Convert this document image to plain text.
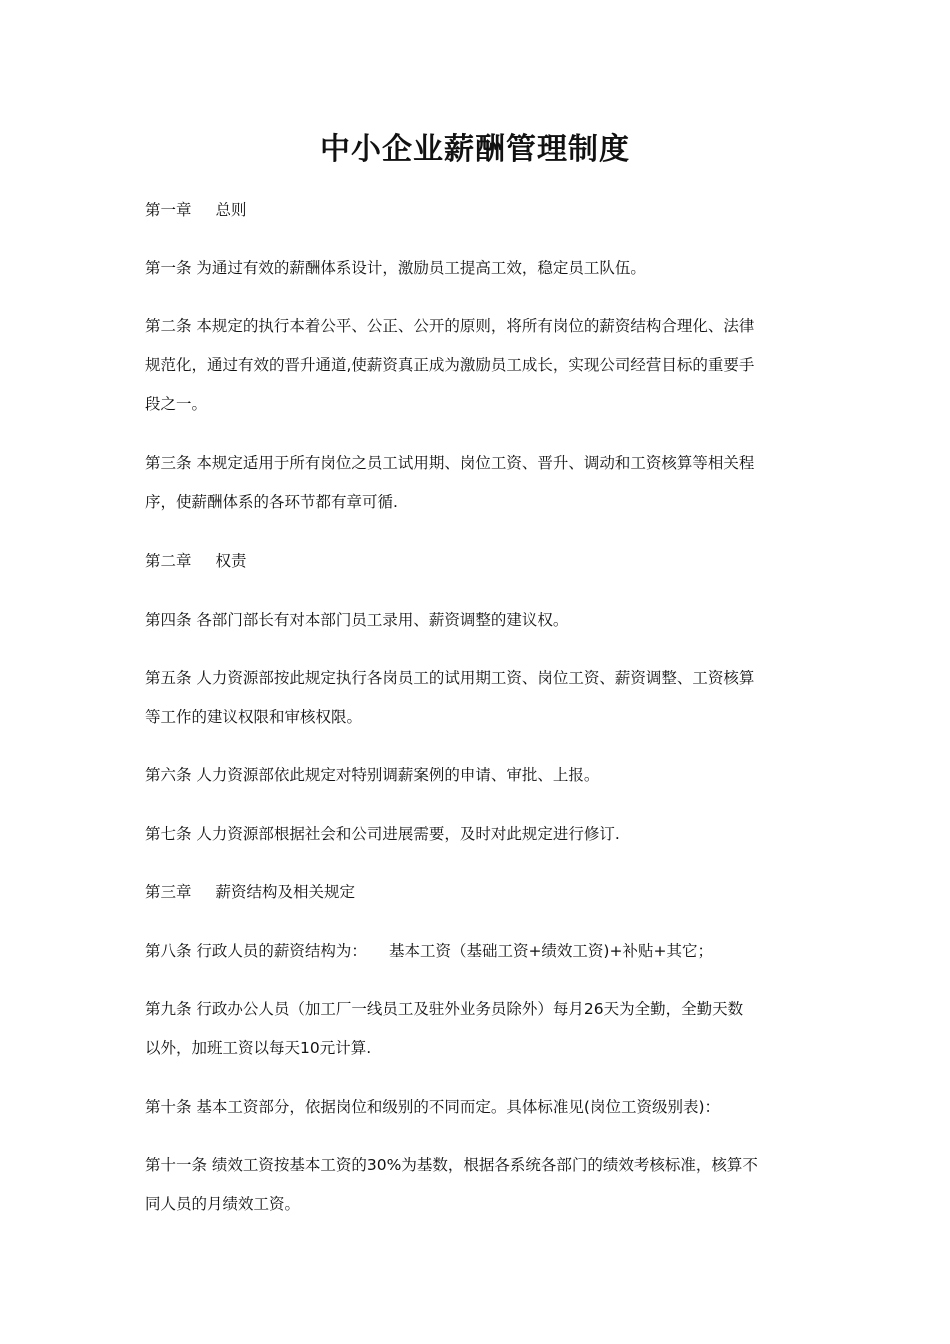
中小企业薪酬管理制度

第一章 总则

第一条 为通过有效的薪酬体系设计，激励员工提高工效，稳定员工队伍。

第二条 本规定的执行本着公平、公正、公开的原则，将所有岗位的薪资结构合理化、法律

规范化，通过有效的晋升通道,使薪资真正成为激励员工成长，实现公司经营目标的重要手

段之一。

第三条 本规定适用于所有岗位之员工试用期、岗位工资、晋升、调动和工资核算等相关程

序，使薪酬体系的各环节都有章可循.

第二章 权责

第四条 各部门部长有对本部门员工录用、薪资调整的建议权。

第五条 人力资源部按此规定执行各岗员工的试用期工资、岗位工资、薪资调整、工资核算

等工作的建议权限和审核权限。

第六条 人力资源部依此规定对特别调薪案例的申请、审批、上报。

第七条 人力资源部根据社会和公司进展需要，及时对此规定进行修订.

第三章 薪资结构及相关规定

第八条 行政人员的薪资结构为： 基本工资（基础工资+绩效工资)+补贴+其它；

第九条 行政办公人员（加工厂一线员工及驻外业务员除外）每月26天为全勤，全勤天数

以外，加班工资以每天10元计算.

第十条 基本工资部分，依据岗位和级别的不同而定。具体标准见(岗位工资级别表)：

第十一条 绩效工资按基本工资的30%为基数，根据各系统各部门的绩效考核标准，核算不

同人员的月绩效工资。
